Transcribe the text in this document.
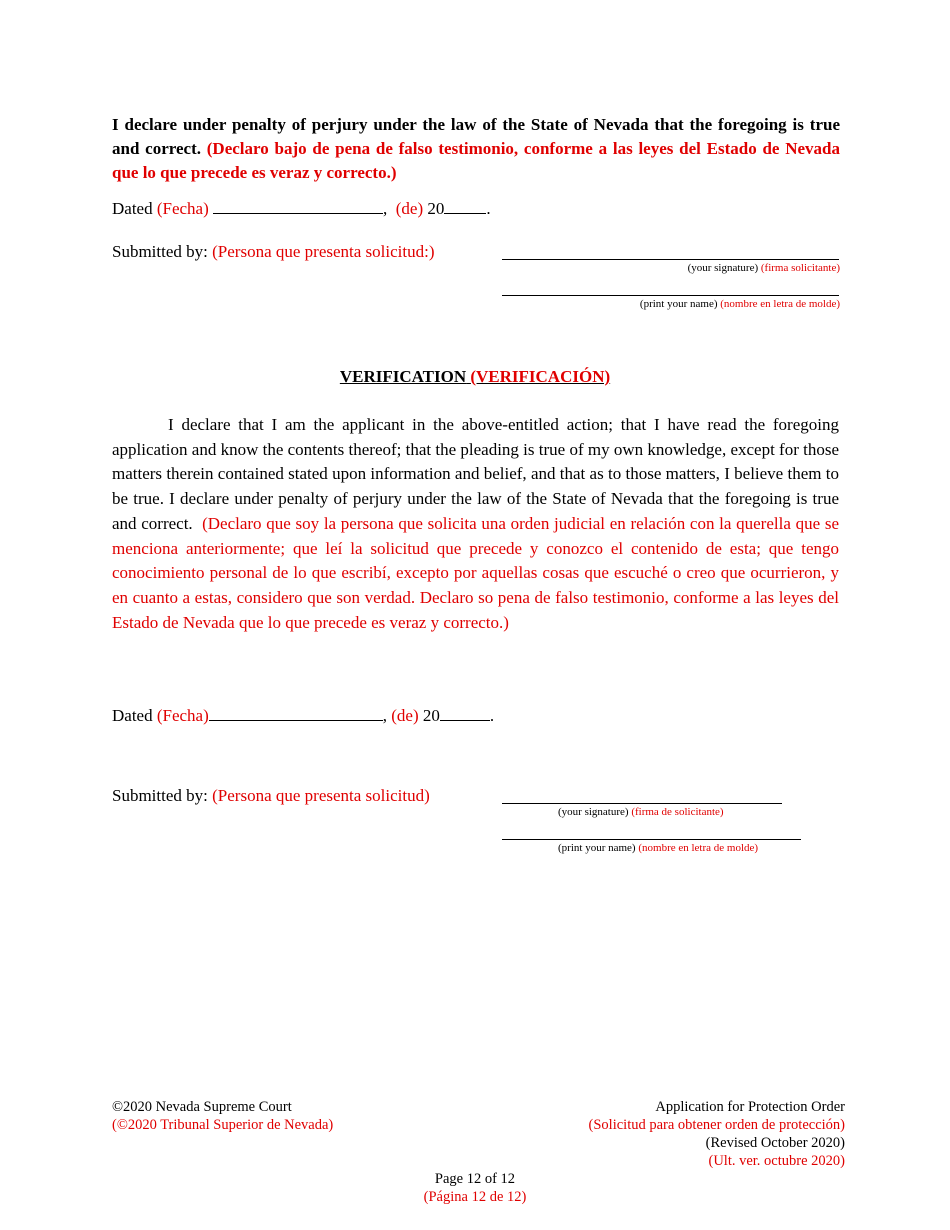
I declare under penalty of perjury under the law of the State of Nevada that the foregoing is true and correct. (Declaro bajo de pena de falso testimonio, conforme a las leyes del Estado de Nevada que lo que precede es veraz y correcto.)
Dated (Fecha)	, (de) 20 .
Submitted by: (Persona que presenta solicitud:)
(your signature) (firma solicitante)
(print your name) (nombre en letra de molde)
VERIFICATION (VERIFICACIÓN)
I declare that I am the applicant in the above-entitled action; that I have read the foregoing application and know the contents thereof; that the pleading is true of my own knowledge, except for those matters therein contained stated upon information and belief, and that as to those matters, I believe them to be true. I declare under penalty of perjury under the law of the State of Nevada that the foregoing is true and correct. (Declaro que soy la persona que solicita una orden judicial en relación con la querella que se menciona anteriormente; que leí la solicitud que precede y conozco el contenido de esta; que tengo conocimiento personal de lo que escribí, excepto por aquellas cosas que escuché o creo que ocurrieron, y en cuanto a estas, considero que son verdad. Declaro so pena de falso testimonio, conforme a las leyes del Estado de Nevada que lo que precede es veraz y correcto.)
Dated (Fecha)	, (de) 20	.
Submitted by: (Persona que presenta solicitud)
(your signature) (firma de solicitante)
(print your name) (nombre en letra de molde)
©2020 Nevada Supreme Court
(©2020 Tribunal Superior de Nevada)
Application for Protection Order
(Solicitud para obtener orden de protección)
(Revised October 2020)
(Ult. ver. octubre 2020)
Page 12 of 12
(Página 12 de 12)
